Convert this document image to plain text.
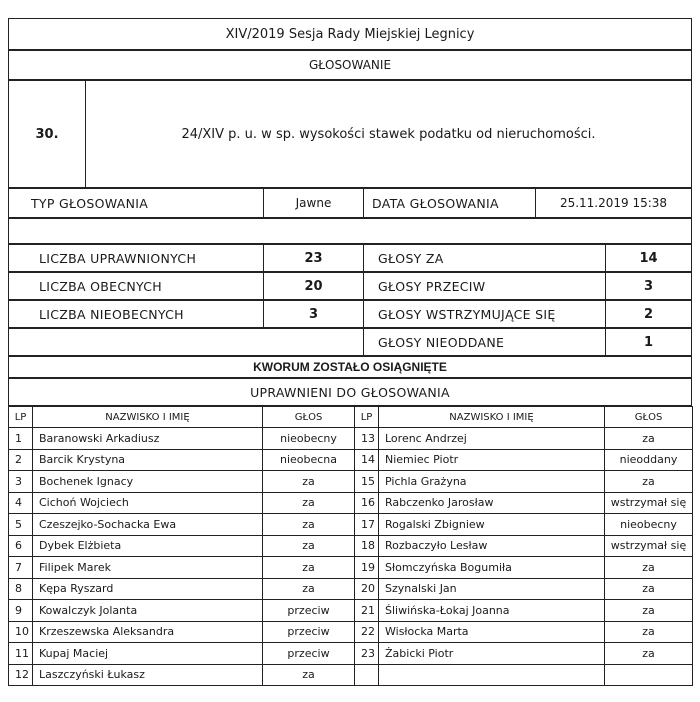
XIV/2019 Sesja Rady Miejskiej Legnicy
GŁOSOWANIE
30.	24/XIV p. u. w sp. wysokości stawek podatku od nieruchomości.
TYP GŁOSOWANIA	Jawne	DATA GŁOSOWANIA	25.11.2019 15:38
LICZBA UPRAWNIONYCH	23	GŁOSY ZA	14
LICZBA OBECNYCH	20	GŁOSY PRZECIW	3
LICZBA NIEOBECNYCH	3	GŁOSY WSTRZYMUJĄCE SIĘ	2
GŁOSY NIEODDANE	1
KWORUM ZOSTAŁO OSIĄGNIĘTE
UPRAWNIENI DO GŁOSOWANIA
LP	NAZWISKO I IMIĘ	GŁOS	LP	NAZWISKO I IMIĘ	GŁOS
1	Baranowski Arkadiusz	nieobecny	13	Lorenc Andrzej	za
2	Barcik Krystyna	nieobecna	14	Niemiec Piotr	nieoddany
3	Bochenek Ignacy	za	15	Pichla Grażyna	za
4	Cichoń Wojciech	za	16	Rabczenko Jarosław	wstrzymał się
5	Czeszejko-Sochacka Ewa	za	17	Rogalski Zbigniew	nieobecny
6	Dybek Elżbieta	za	18	Rozbaczyło Lesław	wstrzymał się
7	Filipek Marek	za	19	Słomczyńska Bogumiła	za
8	Kępa Ryszard	za	20	Szynalski Jan	za
9	Kowalczyk Jolanta	przeciw	21	Śliwińska-Łokaj Joanna	za
10	Krzeszewska Aleksandra	przeciw	22	Wisłocka Marta	za
11	Kupaj Maciej	przeciw	23	Żabicki Piotr	za
12	Laszczyński Łukasz	za			
